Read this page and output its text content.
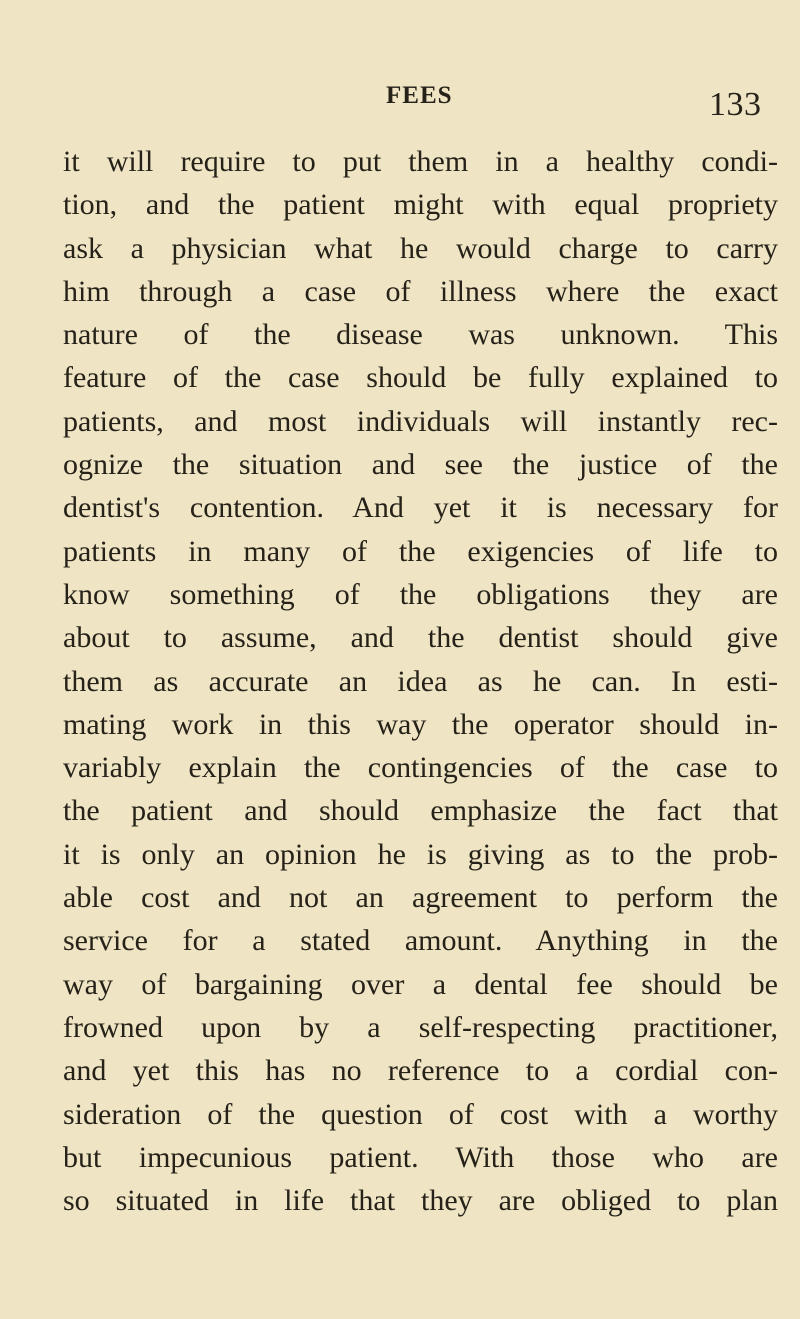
FEES	133
it will require to put them in a healthy condi-
tion, and the patient might with equal propriety
ask a physician what he would charge to carry
him through a case of illness where the exact
nature of the disease was unknown. This
feature of the case should be fully explained to
patients, and most individuals will instantly rec-
ognize the situation and see the justice of the
dentist's contention. And yet it is necessary for
patients in many of the exigencies of life to
know something of the obligations they are
about to assume, and the dentist should give
them as accurate an idea as he can. In esti-
mating work in this way the operator should in-
variably explain the contingencies of the case to
the patient and should emphasize the fact that
it is only an opinion he is giving as to the prob-
able cost and not an agreement to perform the
service for a stated amount. Anything in the
way of bargaining over a dental fee should be
frowned upon by a self-respecting practitioner,
and yet this has no reference to a cordial con-
sideration of the question of cost with a worthy
but impecunious patient. With those who are
so situated in life that they are obliged to plan
